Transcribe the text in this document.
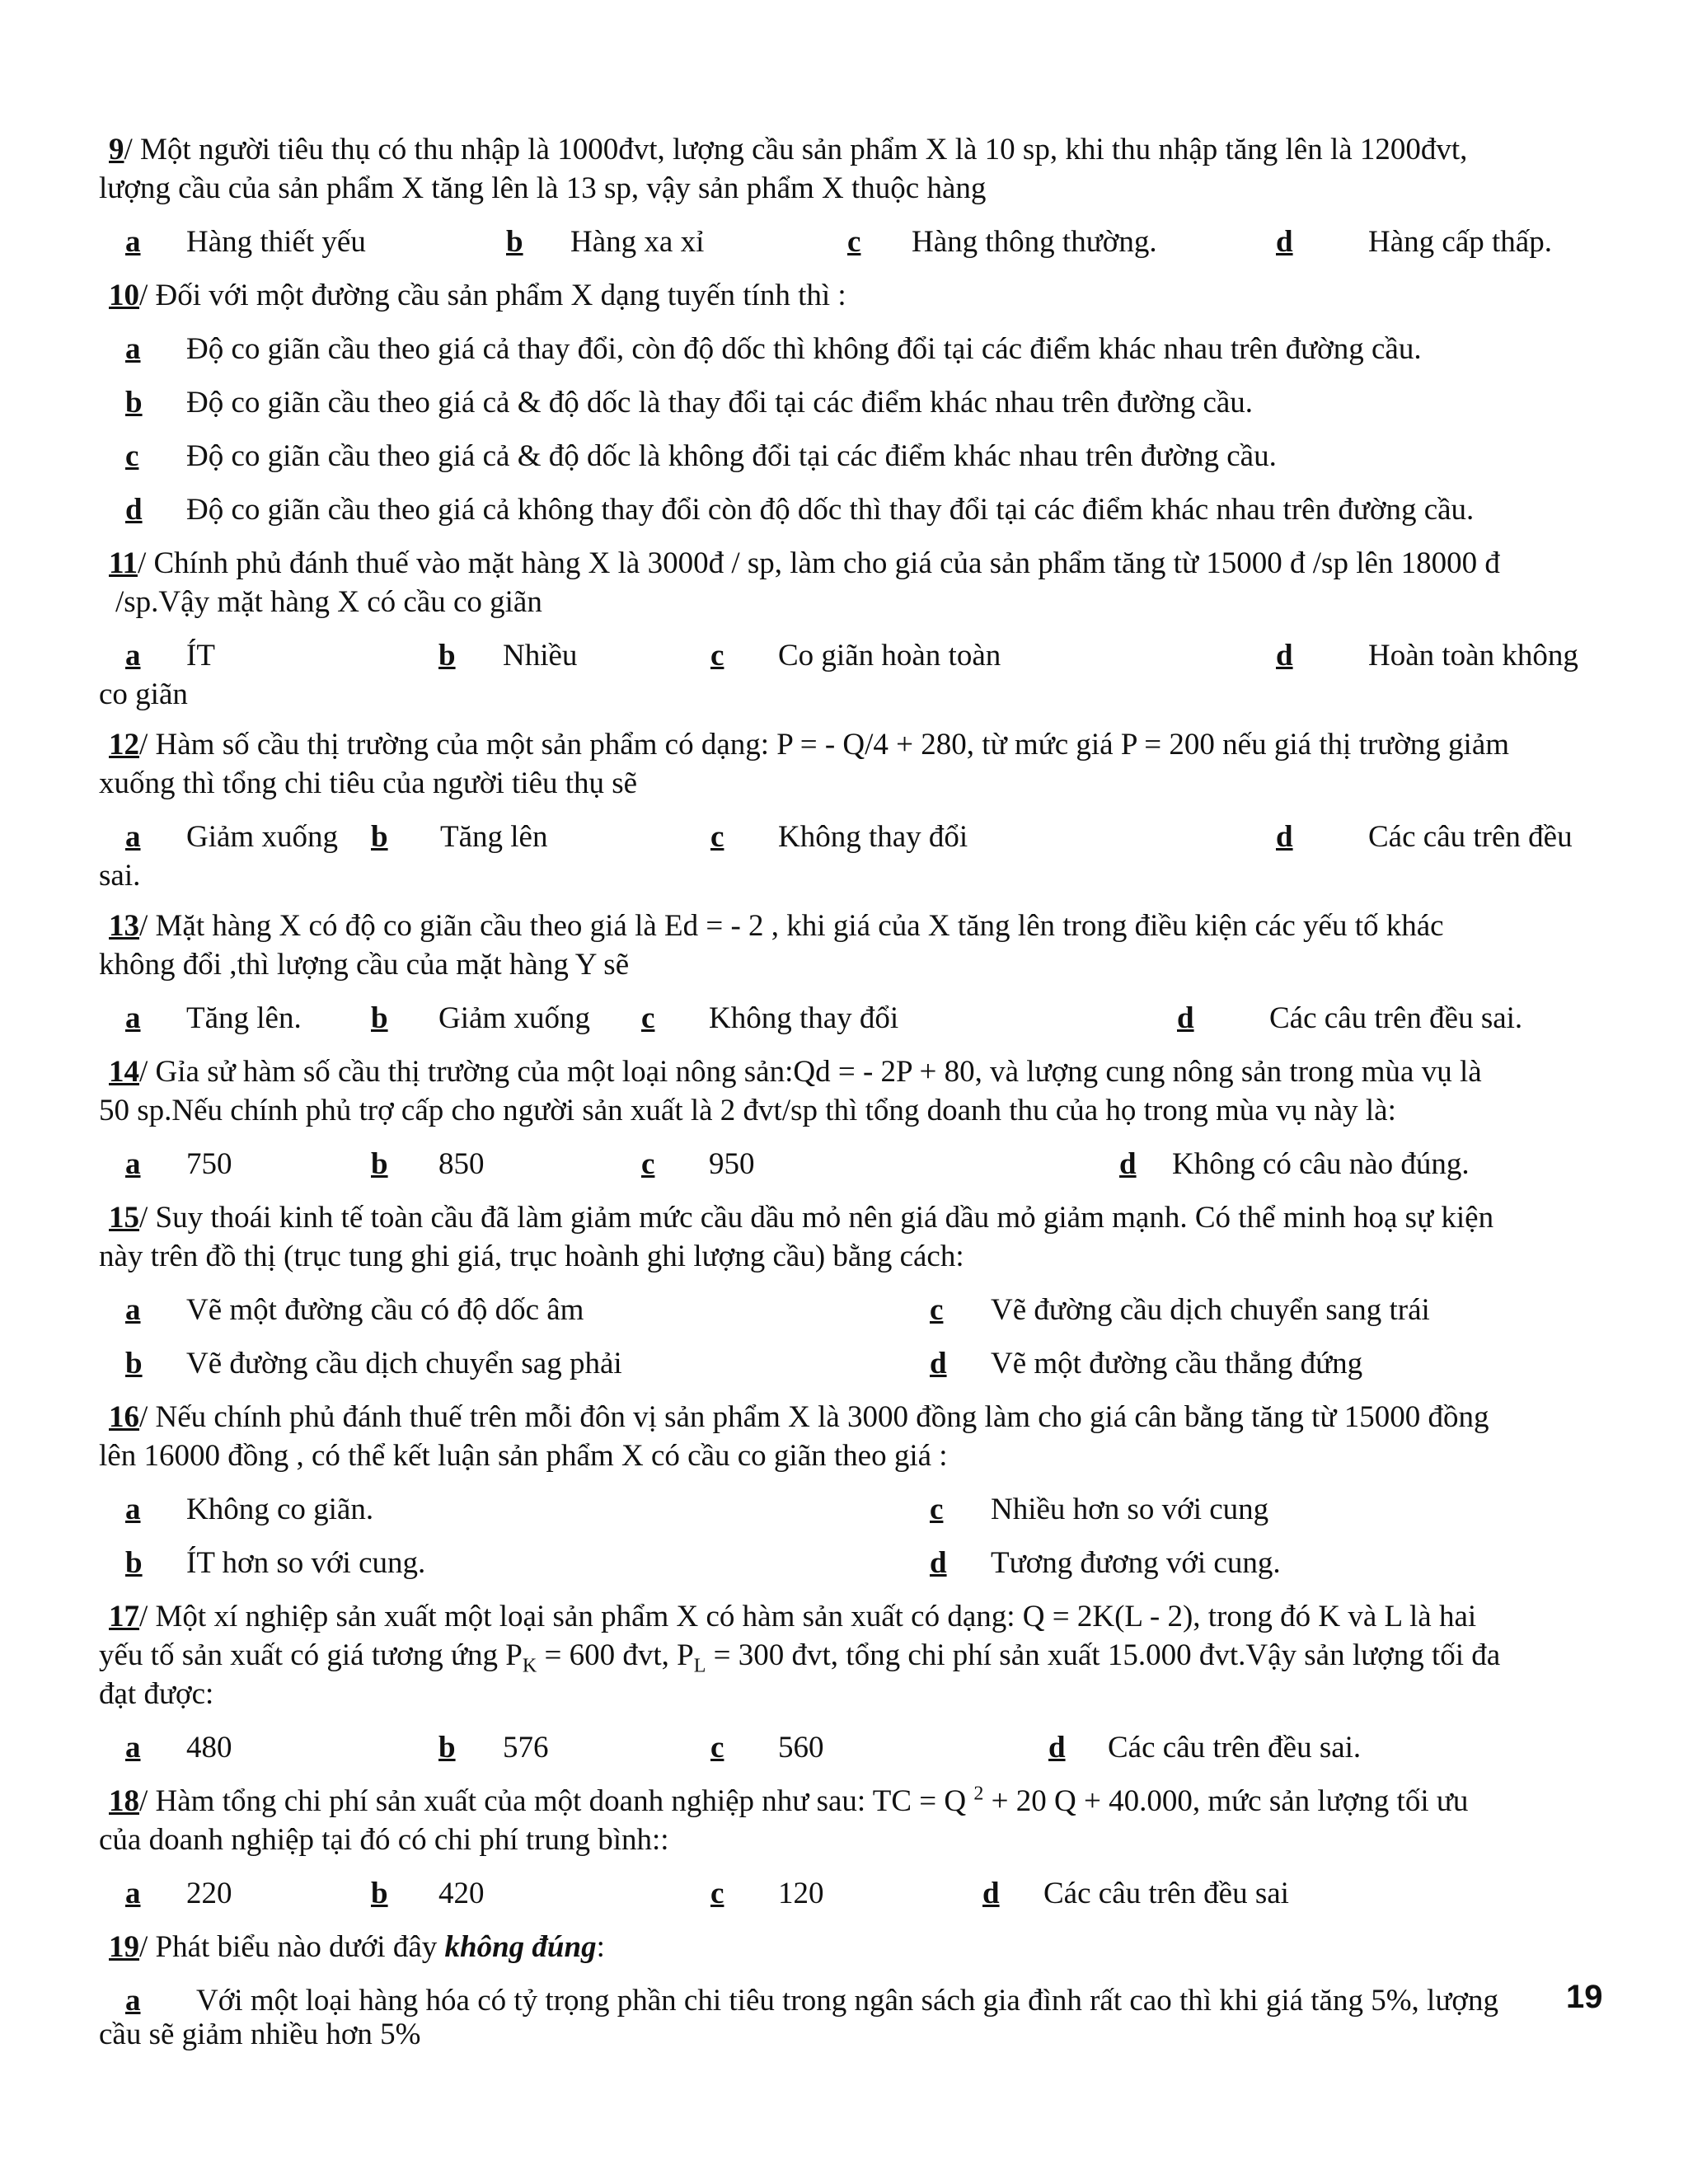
9/ Một người tiêu thụ có thu nhập là 1000đvt, lượng cầu sản phẩm X là 10 sp, khi thu nhập tăng lên là 1200đvt,

lượng cầu của sản phẩm X tăng lên là 13 sp, vậy sản phẩm X thuộc hàng

a Hàng thiết yếu	b Hàng xa xỉ	c Hàng thông thường.	d Hàng cấp thấp.

10/ Đối với một đường cầu sản phẩm X dạng tuyến tính thì :

a Độ co giãn cầu theo giá cả thay đổi, còn độ dốc thì không đổi tại các điểm khác nhau trên đường cầu.
b Độ co giãn cầu theo giá cả & độ dốc là thay đổi tại các điểm khác nhau trên đường cầu.
c Độ co giãn cầu theo giá cả & độ dốc là không đổi tại các điểm khác nhau trên đường cầu.
d Độ co giãn cầu theo giá cả không thay đổi còn độ dốc thì thay đổi tại các điểm khác nhau trên đường cầu.

11/ Chính phủ đánh thuế vào mặt hàng X là 3000đ / sp, làm cho giá của sản phẩm tăng từ 15000 đ /sp lên 18000 đ

/sp.Vậy mặt hàng X có cầu co giãn

a ÍT	b Nhiều	c Co giãn hoàn toàn	d Hoàn toàn không

co giãn

12/ Hàm số cầu thị trường của một sản phẩm có dạng: P = - Q/4 + 280, từ mức giá P = 200 nếu giá thị trường giảm

xuống thì tổng chi tiêu của người tiêu thụ sẽ

a Giảm xuống b Tăng lên	c Không thay đổi	d Các câu trên đều

sai.

13/ Mặt hàng X có độ co giãn cầu theo giá là Ed = - 2 , khi giá của X tăng lên trong điều kiện các yếu tố khác

không đổi ,thì lượng cầu của mặt hàng Y sẽ

a Tăng lên. b Giảm xuống c Không thay đổi	d Các câu trên đều sai.

14/ Gỉa sử hàm số cầu thị trường của một loại nông sản:Qd = - 2P + 80, và lượng cung nông sản trong mùa vụ là

50 sp.Nếu chính phủ trợ cấp cho người sản xuất là 2 đvt/sp thì tổng doanh thu của họ trong mùa vụ này là:

a 750	b 850	c 950	d Không có câu nào đúng.

15/ Suy thoái kinh tế toàn cầu đã làm giảm mức cầu dầu mỏ nên giá dầu mỏ giảm mạnh. Có thể minh hoạ sự kiện

này trên đồ thị (trục tung ghi giá, trục hoành ghi lượng cầu) bằng cách:

a Vẽ một đường cầu có độ dốc âm	c Vẽ đường cầu dịch chuyển sang trái
b Vẽ đường cầu dịch chuyển sag phải	d Vẽ một đường cầu thẳng đứng

16/ Nếu chính phủ đánh thuế trên mỗi đôn vị sản phẩm X là 3000 đồng làm cho giá cân bằng tăng từ 15000 đồng

lên 16000 đồng , có thể kết luận sản phẩm X có cầu co giãn theo giá :

a Không co giãn.	c Nhiều hơn so với cung
b ÍT hơn so với cung.	d Tương đương với cung.

17/ Một xí nghiệp sản xuất một loại sản phẩm X có hàm sản xuất có dạng: Q = 2K(L - 2), trong đó K và L là hai

yếu tố sản xuất có giá tương ứng $P_K = 600$ đvt, $P_L = 300$ đvt, tổng chi phí sản xuất 15.000 đvt.Vậy sản lượng tối đa

đạt được:

a 480	b 576	c 560	d Các câu trên đều sai.

18/ Hàm tổng chi phí sản xuất của một doanh nghiệp như sau: TC = Q $^2$ + 20 Q + 40.000, mức sản lượng tối ưu

của doanh nghiệp tại đó có chi phí trung bình::

a 220	b 420	c 120	d Các câu trên đều sai

19/ Phát biểu nào dưới đây không đúng:

a Với một loại hàng hóa có tỷ trọng phần chi tiêu trong ngân sách gia đình rất cao thì khi giá tăng 5%, lượng

cầu sẽ giảm nhiều hơn 5%

19
